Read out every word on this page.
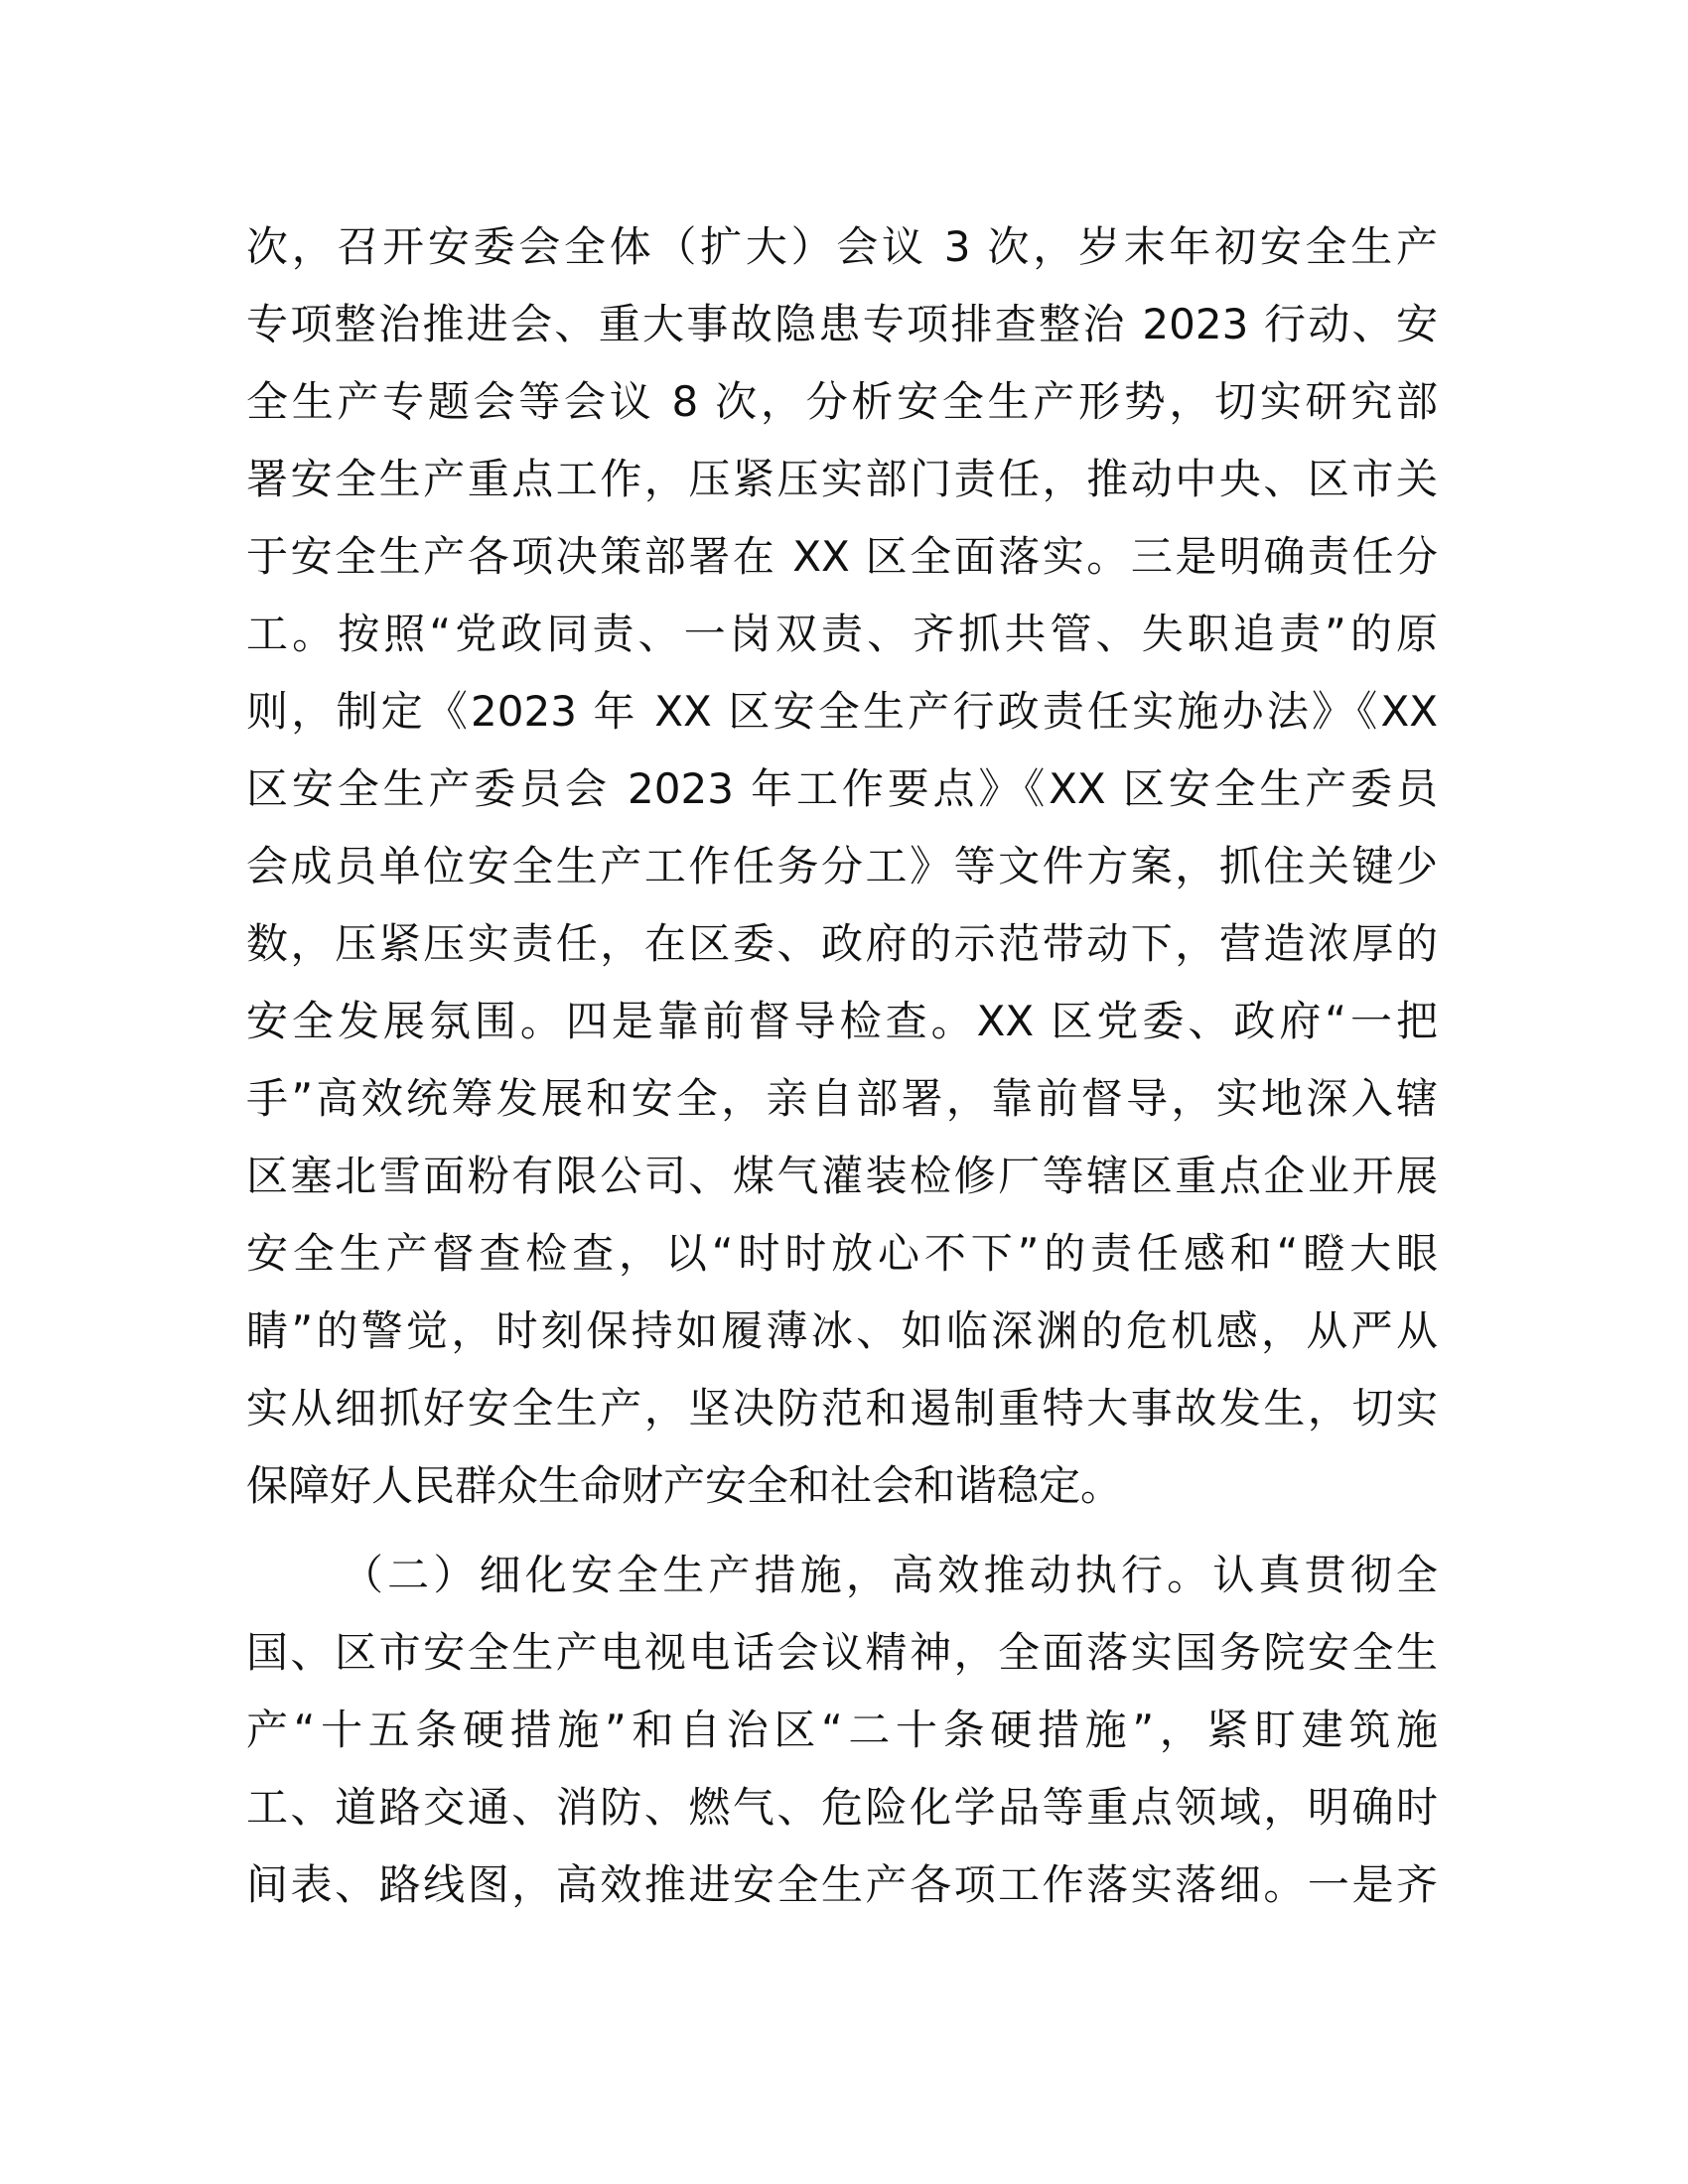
次，召开安委会全体（扩大）会议 3 次，岁末年初安全生产
专项整治推进会、重大事故隐患专项排查整治 2023 行动、安
全生产专题会等会议 8 次，分析安全生产形势，切实研究部
署安全生产重点工作，压紧压实部门责任，推动中央、区市关
于安全生产各项决策部署在 XX 区全面落实。三是明确责任分
工。按照“党政同责、一岗双责、齐抓共管、失职追责”的原
则，制定《2023 年 XX 区安全生产行政责任实施办法》《XX
区安全生产委员会 2023 年工作要点》《XX 区安全生产委员
会成员单位安全生产工作任务分工》等文件方案，抓住关键少
数，压紧压实责任，在区委、政府的示范带动下，营造浓厚的
安全发展氛围。四是靠前督导检查。XX 区党委、政府“一把
手”高效统筹发展和安全，亲自部署，靠前督导，实地深入辖
区塞北雪面粉有限公司、煤气灌装检修厂等辖区重点企业开展
安全生产督查检查，以“时时放心不下”的责任感和“瞪大眼
睛”的警觉，时刻保持如履薄冰、如临深渊的危机感，从严从
实从细抓好安全生产，坚决防范和遏制重特大事故发生，切实
保障好人民群众生命财产安全和社会和谐稳定。
（二）细化安全生产措施，高效推动执行。认真贯彻全
国、区市安全生产电视电话会议精神，全面落实国务院安全生
产“十五条硬措施”和自治区“二十条硬措施”，紧盯建筑施
工、道路交通、消防、燃气、危险化学品等重点领域，明确时
间表、路线图，高效推进安全生产各项工作落实落细。一是齐
